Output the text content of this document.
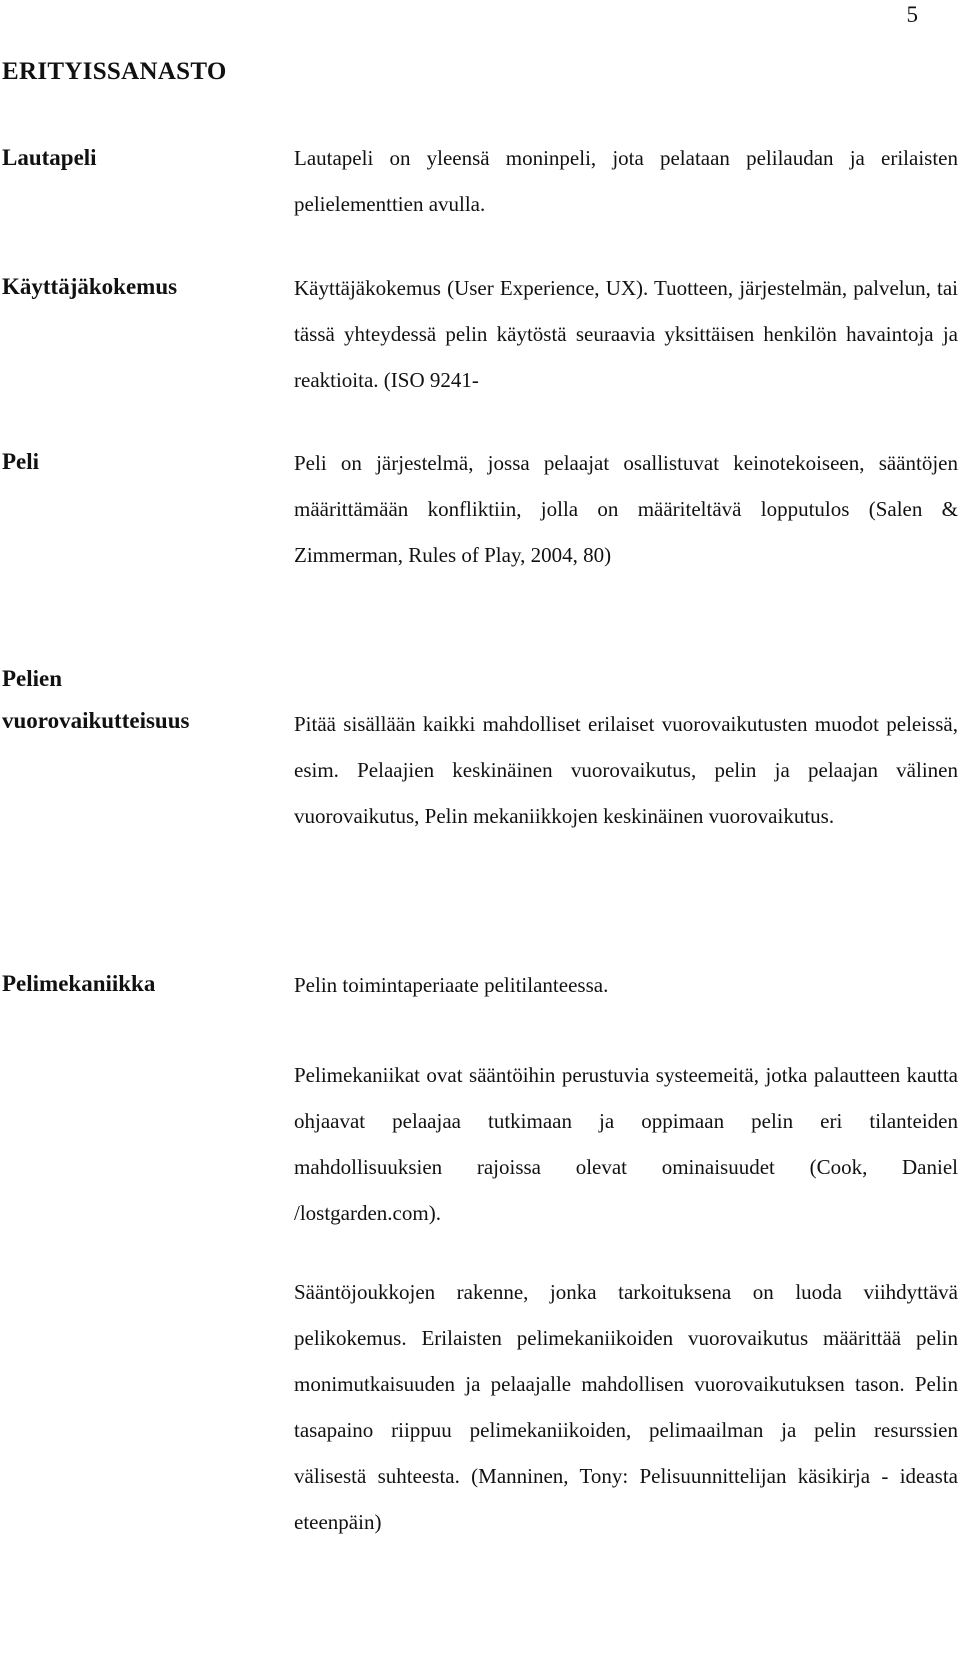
5
ERITYISSANASTO
Lautapeli	Lautapeli on yleensä moninpeli, jota pelataan pelilaudan ja erilaisten pelielementtien avulla.

Käyttäjäkokemus	Käyttäjäkokemus (User Experience, UX). Tuotteen, järjestelmän, palvelun, tai tässä yhteydessä pelin käytöstä seuraavia yksittäisen henkilön havaintoja ja reaktioita. (ISO 9241-

Peli	Peli on järjestelmä, jossa pelaajat osallistuvat keinotekoiseen, sääntöjen määrittämään konfliktiin, jolla on määriteltävä lopputulos (Salen & Zimmerman, Rules of Play, 2004, 80)

Pelien
vuorovaikutteisuus	Pitää sisällään kaikki mahdolliset erilaiset vuorovaikutusten muodot peleissä, esim. Pelaajien keskinäinen vuorovaikutus, pelin ja pelaajan välinen vuorovaikutus, Pelin mekaniikkojen keskinäinen vuorovaikutus.

Pelimekaniikka	Pelin toimintaperiaate pelitilanteessa.

Pelimekaniikat ovat sääntöihin perustuvia systeemeitä, jotka palautteen kautta ohjaavat pelaajaa tutkimaan ja oppimaan pelin eri tilanteiden mahdollisuuksien rajoissa olevat ominaisuudet (Cook, Daniel /lostgarden.com).

Sääntöjoukkojen rakenne, jonka tarkoituksena on luoda viihdyttävä pelikokemus. Erilaisten pelimekaniikoiden vuorovaikutus määrittää pelin monimutkaisuuden ja pelaajalle mahdollisen vuorovaikutuksen tason. Pelin tasapaino riippuu pelimekaniikoiden, pelimaailman ja pelin resurssien välisestä suhteesta. (Manninen, Tony: Pelisuunnittelijan käsikirja - ideasta eteenpäin)
